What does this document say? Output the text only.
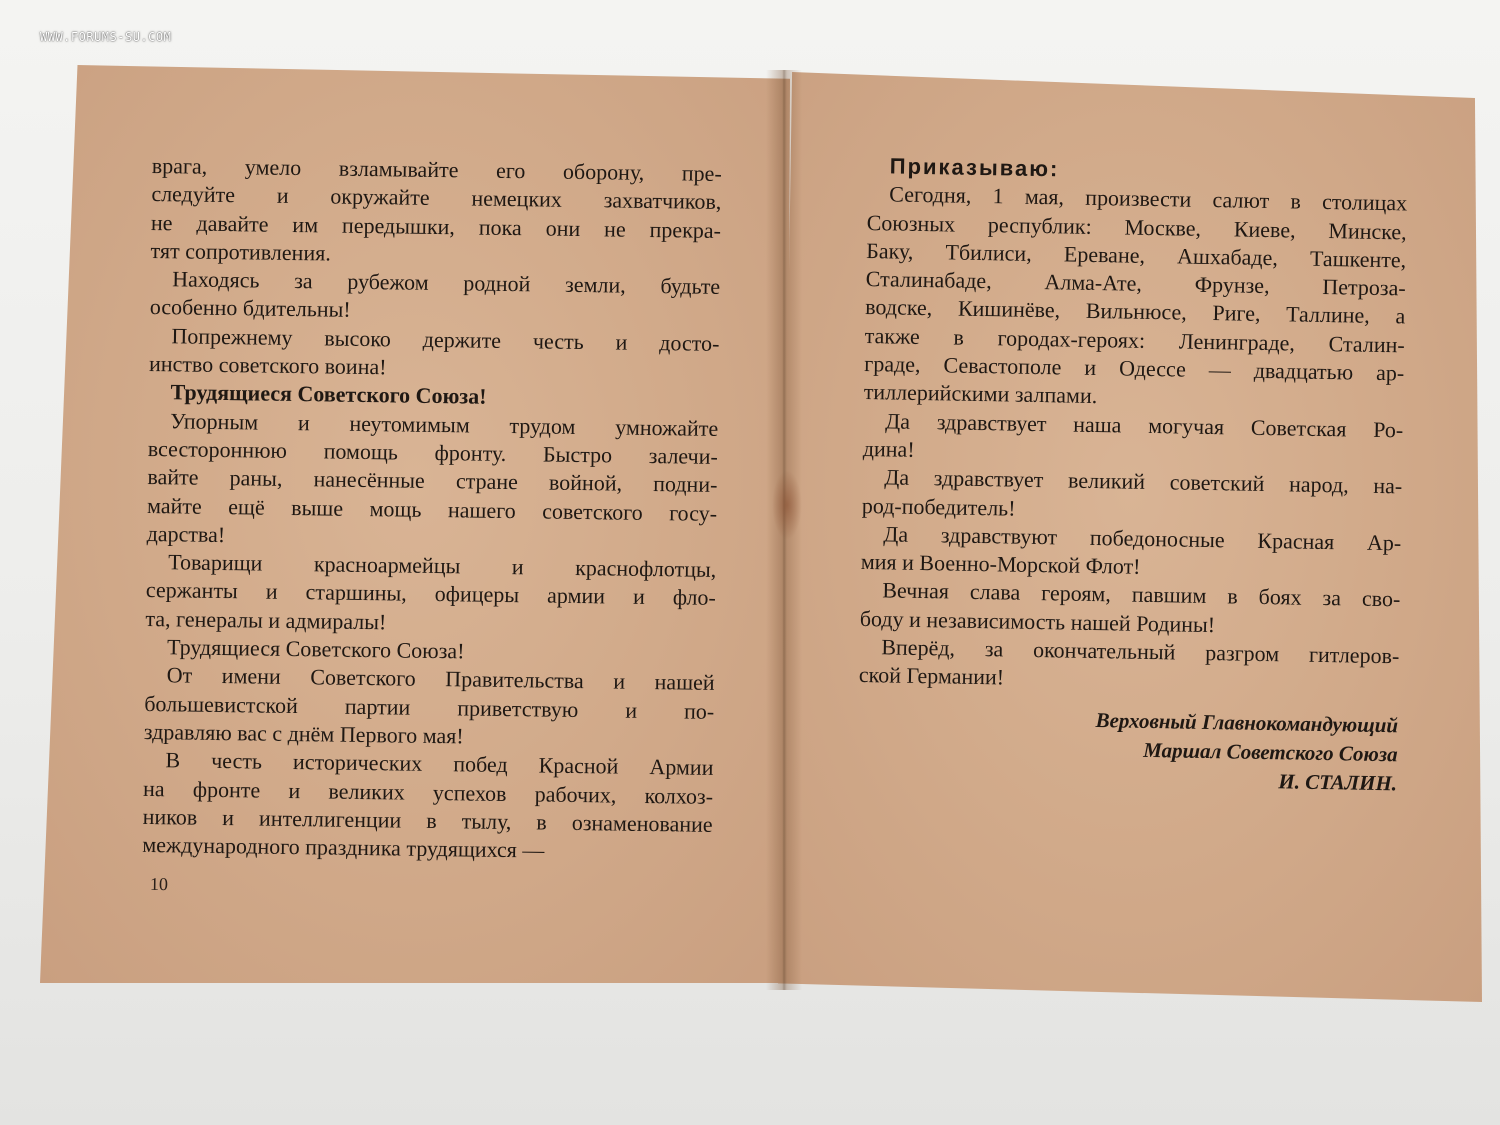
WWW.FORUMS-SU.COM
врага, умело взламывайте его оборону, пре-
следуйте и окружайте немецких захватчиков,
не давайте им передышки, пока они не прекра-
тят сопротивления.
Находясь за рубежом родной земли, будьте
особенно бдительны!
Попрежнему высоко держите честь и досто-
инство советского воина!
Трудящиеся Советского Союза!
Упорным и неутомимым трудом умножайте
всестороннюю помощь фронту. Быстро залечи-
вайте раны, нанесённые стране войной, подни-
майте ещё выше мощь нашего советского госу-
дарства!
Товарищи красноармейцы и краснофлотцы,
сержанты и старшины, офицеры армии и фло-
та, генералы и адмиралы!
Трудящиеся Советского Союза!
От имени Советского Правительства и нашей
большевистской партии приветствую и по-
здравляю вас с днём Первого мая!
В честь исторических побед Красной Армии
на фронте и великих успехов рабочих, колхоз-
ников и интеллигенции в тылу, в ознаменование
международного праздника трудящихся —
10
Приказываю:
Сегодня, 1 мая, произвести салют в столицах
Союзных республик: Москве, Киеве, Минске,
Баку, Тбилиси, Ереване, Ашхабаде, Ташкенте,
Сталинабаде, Алма-Ате, Фрунзе, Петроза-
водске, Кишинёве, Вильнюсе, Риге, Таллине, а
также в городах-героях: Ленинграде, Сталин-
граде, Севастополе и Одессе — двадцатью ар-
тиллерийскими залпами.
Да здравствует наша могучая Советская Ро-
дина!
Да здравствует великий советский народ, на-
род-победитель!
Да здравствуют победоносные Красная Ар-
мия и Военно-Морской Флот!
Вечная слава героям, павшим в боях за сво-
боду и независимость нашей Родины!
Вперёд, за окончательный разгром гитлеров-
ской Германии!
Верховный Главнокомандующий
Маршал Советского Союза
И. СТАЛИН.
